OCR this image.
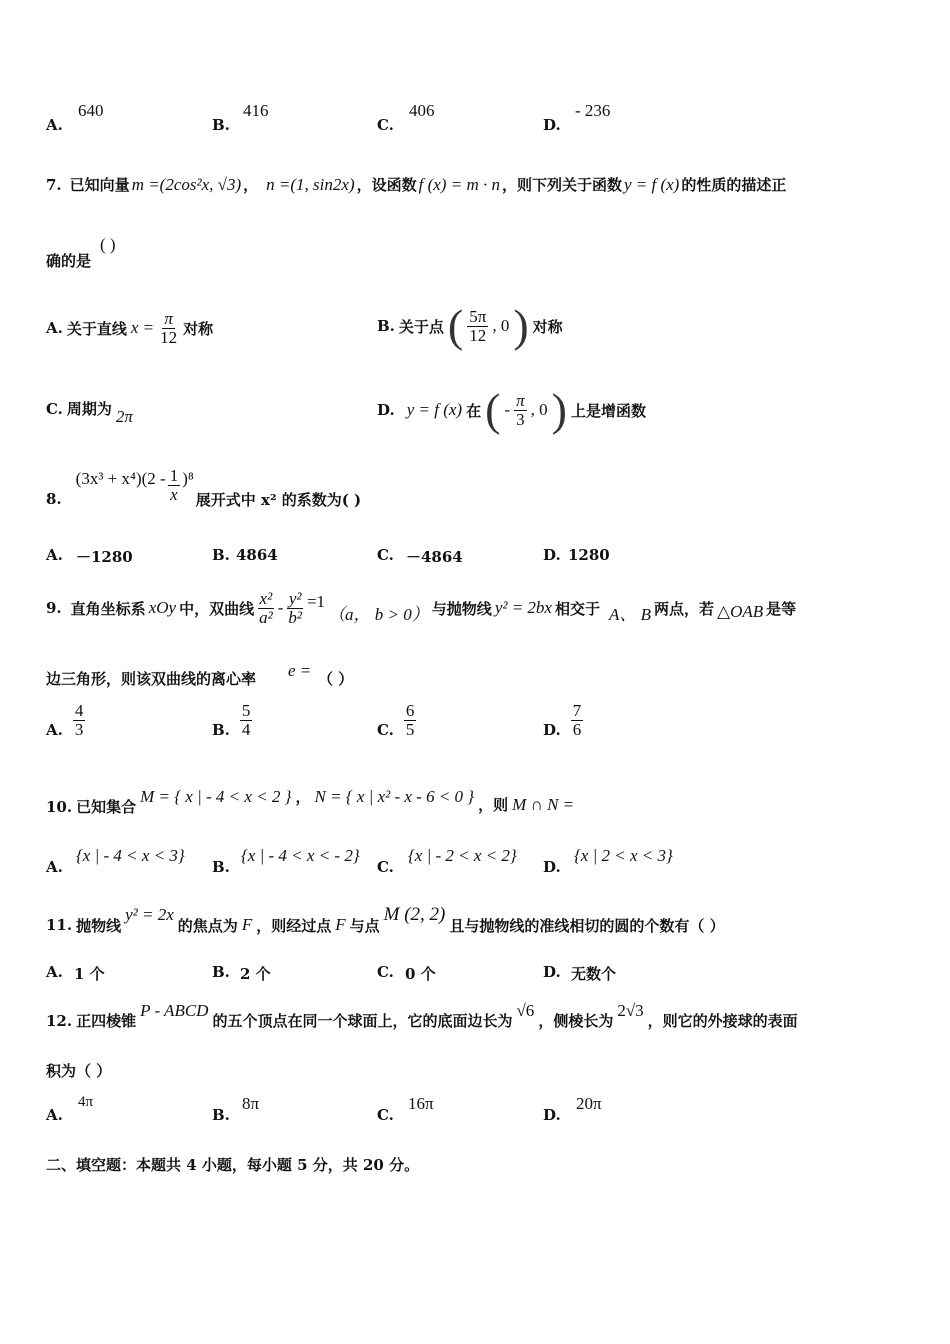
A.
640
B.
416
C.
406
D.
- 236
7. 已知向量 m =(2cos²x, √3) ， n =(1, sin2x) ，设函数 f (x) = m · n ，则下列关于函数 y = f (x) 的性质的描述正
确的是
( )
A. 关于直线 $x = \frac{\pi}{12}$ 对称	B. 关于点 ( $\frac{5\pi}{12}$ , 0 ) 对称
C. 周期为 2π	D. y = f (x) 在 ( - $\frac{\pi}{3}$ , 0 ) 上是增函数
8.
$(3x^3 + x^4)(2 - \frac{1}{x} )^8$
展开式中 x² 的系数为( )
A. －1280	B. 4864	C. －4864	D. 1280
9. 直角坐标系 xOy 中，双曲线 $\frac{\text{x²}}{\text{a²}} - \frac{\text{y²}}{\text{b²}} =1$
（a， b > 0） 与抛物线 y² = 2bx 相交于 A、 B 两点，若 △OAB 是等
边三角形，则该双曲线的离心率 e = （ ）
A. $\frac{4}{3}$	B. $\frac{5}{4}$	C. $\frac{6}{5}$	D. $\frac{7}{6}$
10. 已知集合
M = { x | - 4 < x < 2 } ， N = { x | x² - x - 6 < 0 } ，则 M ∩ N =
A.
{x | - 4 < x < 3}
B.
{x | - 4 < x < - 2}
C.
{x | - 2 < x < 2}
D.
{x | 2 < x < 3}
11. 抛物线
y² = 2x
的焦点为 F ，则经过点 F 与点
M (2, 2)
且与抛物线的准线相切的圆的个数有（ ）
A. 1 个	B. 2 个	C. 0 个	D. 无数个
12. 正四棱锥
P - ABCD
的五个顶点在同一个球面上，它的底面边长为
√6
，侧棱长为
2√3
，则它的外接球的表面
积为（ ）
A.
4π
B.
8π
C.
16π
D.
20π
二、填空题：本题共 4 小题，每小题 5 分，共 20 分。
